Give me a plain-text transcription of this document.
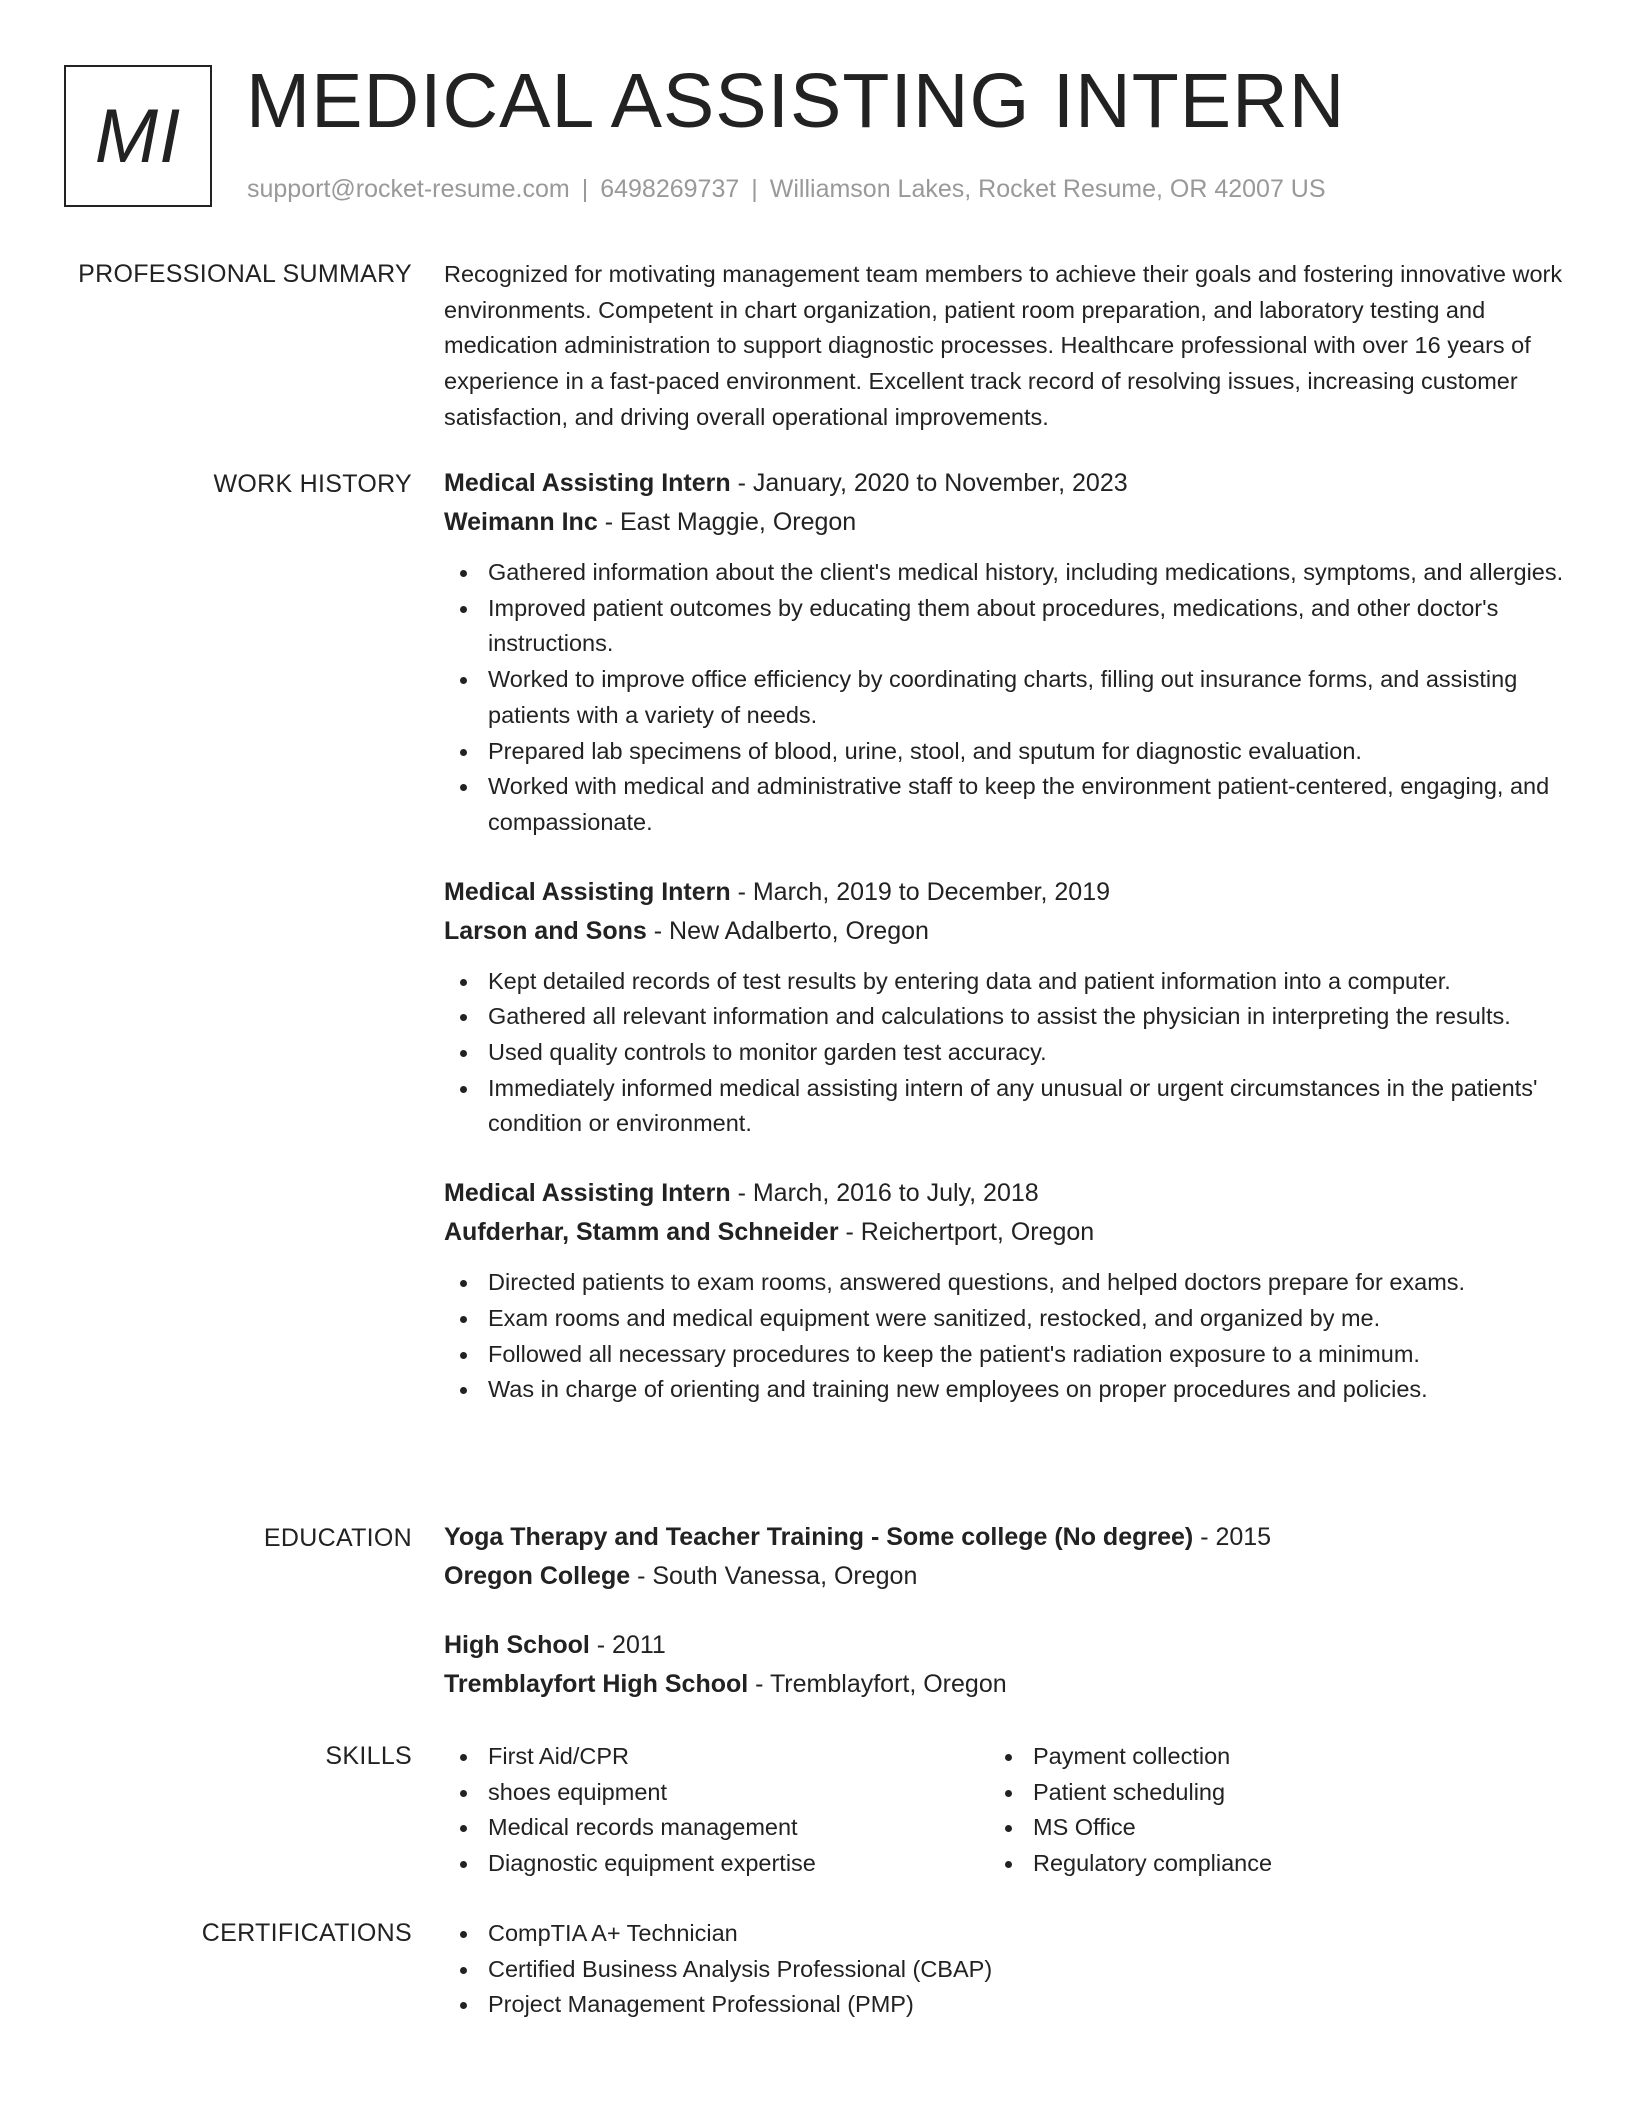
MI MEDICAL ASSISTING INTERN
support@rocket-resume.com | 6498269737 | Williamson Lakes, Rocket Resume, OR 42007 US
PROFESSIONAL SUMMARY Recognized for motivating management team members to achieve their goals and fostering innovative work environments. Competent in chart organization, patient room preparation, and laboratory testing and medication administration to support diagnostic processes. Healthcare professional with over 16 years of experience in a fast-paced environment. Excellent track record of resolving issues, increasing customer satisfaction, and driving overall operational improvements.

WORK HISTORY Medical Assisting Intern - January, 2020 to November, 2023
Weimann Inc - East Maggie, Oregon
Gathered information about the client's medical history, including medications, symptoms, and allergies.
Improved patient outcomes by educating them about procedures, medications, and other doctor's instructions.
Worked to improve office efficiency by coordinating charts, filling out insurance forms, and assisting patients with a variety of needs.
Prepared lab specimens of blood, urine, stool, and sputum for diagnostic evaluation.
Worked with medical and administrative staff to keep the environment patient-centered, engaging, and compassionate.
Medical Assisting Intern - March, 2019 to December, 2019
Larson and Sons - New Adalberto, Oregon
Kept detailed records of test results by entering data and patient information into a computer.
Gathered all relevant information and calculations to assist the physician in interpreting the results.
Used quality controls to monitor garden test accuracy.
Immediately informed medical assisting intern of any unusual or urgent circumstances in the patients' condition or environment.
Medical Assisting Intern - March, 2016 to July, 2018
Aufderhar, Stamm and Schneider - Reichertport, Oregon
Directed patients to exam rooms, answered questions, and helped doctors prepare for exams.
Exam rooms and medical equipment were sanitized, restocked, and organized by me.
Followed all necessary procedures to keep the patient's radiation exposure to a minimum.
Was in charge of orienting and training new employees on proper procedures and policies.
EDUCATION Yoga Therapy and Teacher Training - Some college (No degree) - 2015
Oregon College - South Vanessa, Oregon
High School - 2011
Tremblayfort High School - Tremblayfort, Oregon
SKILLS	First Aid/CPR
shoes equipment
Medical records management
Diagnostic equipment expertise
Payment collection
Patient scheduling
MS Office
Regulatory compliance
CERTIFICATIONS	CompTIA A+ Technician
Certified Business Analysis Professional (CBAP)
Project Management Professional (PMP)
